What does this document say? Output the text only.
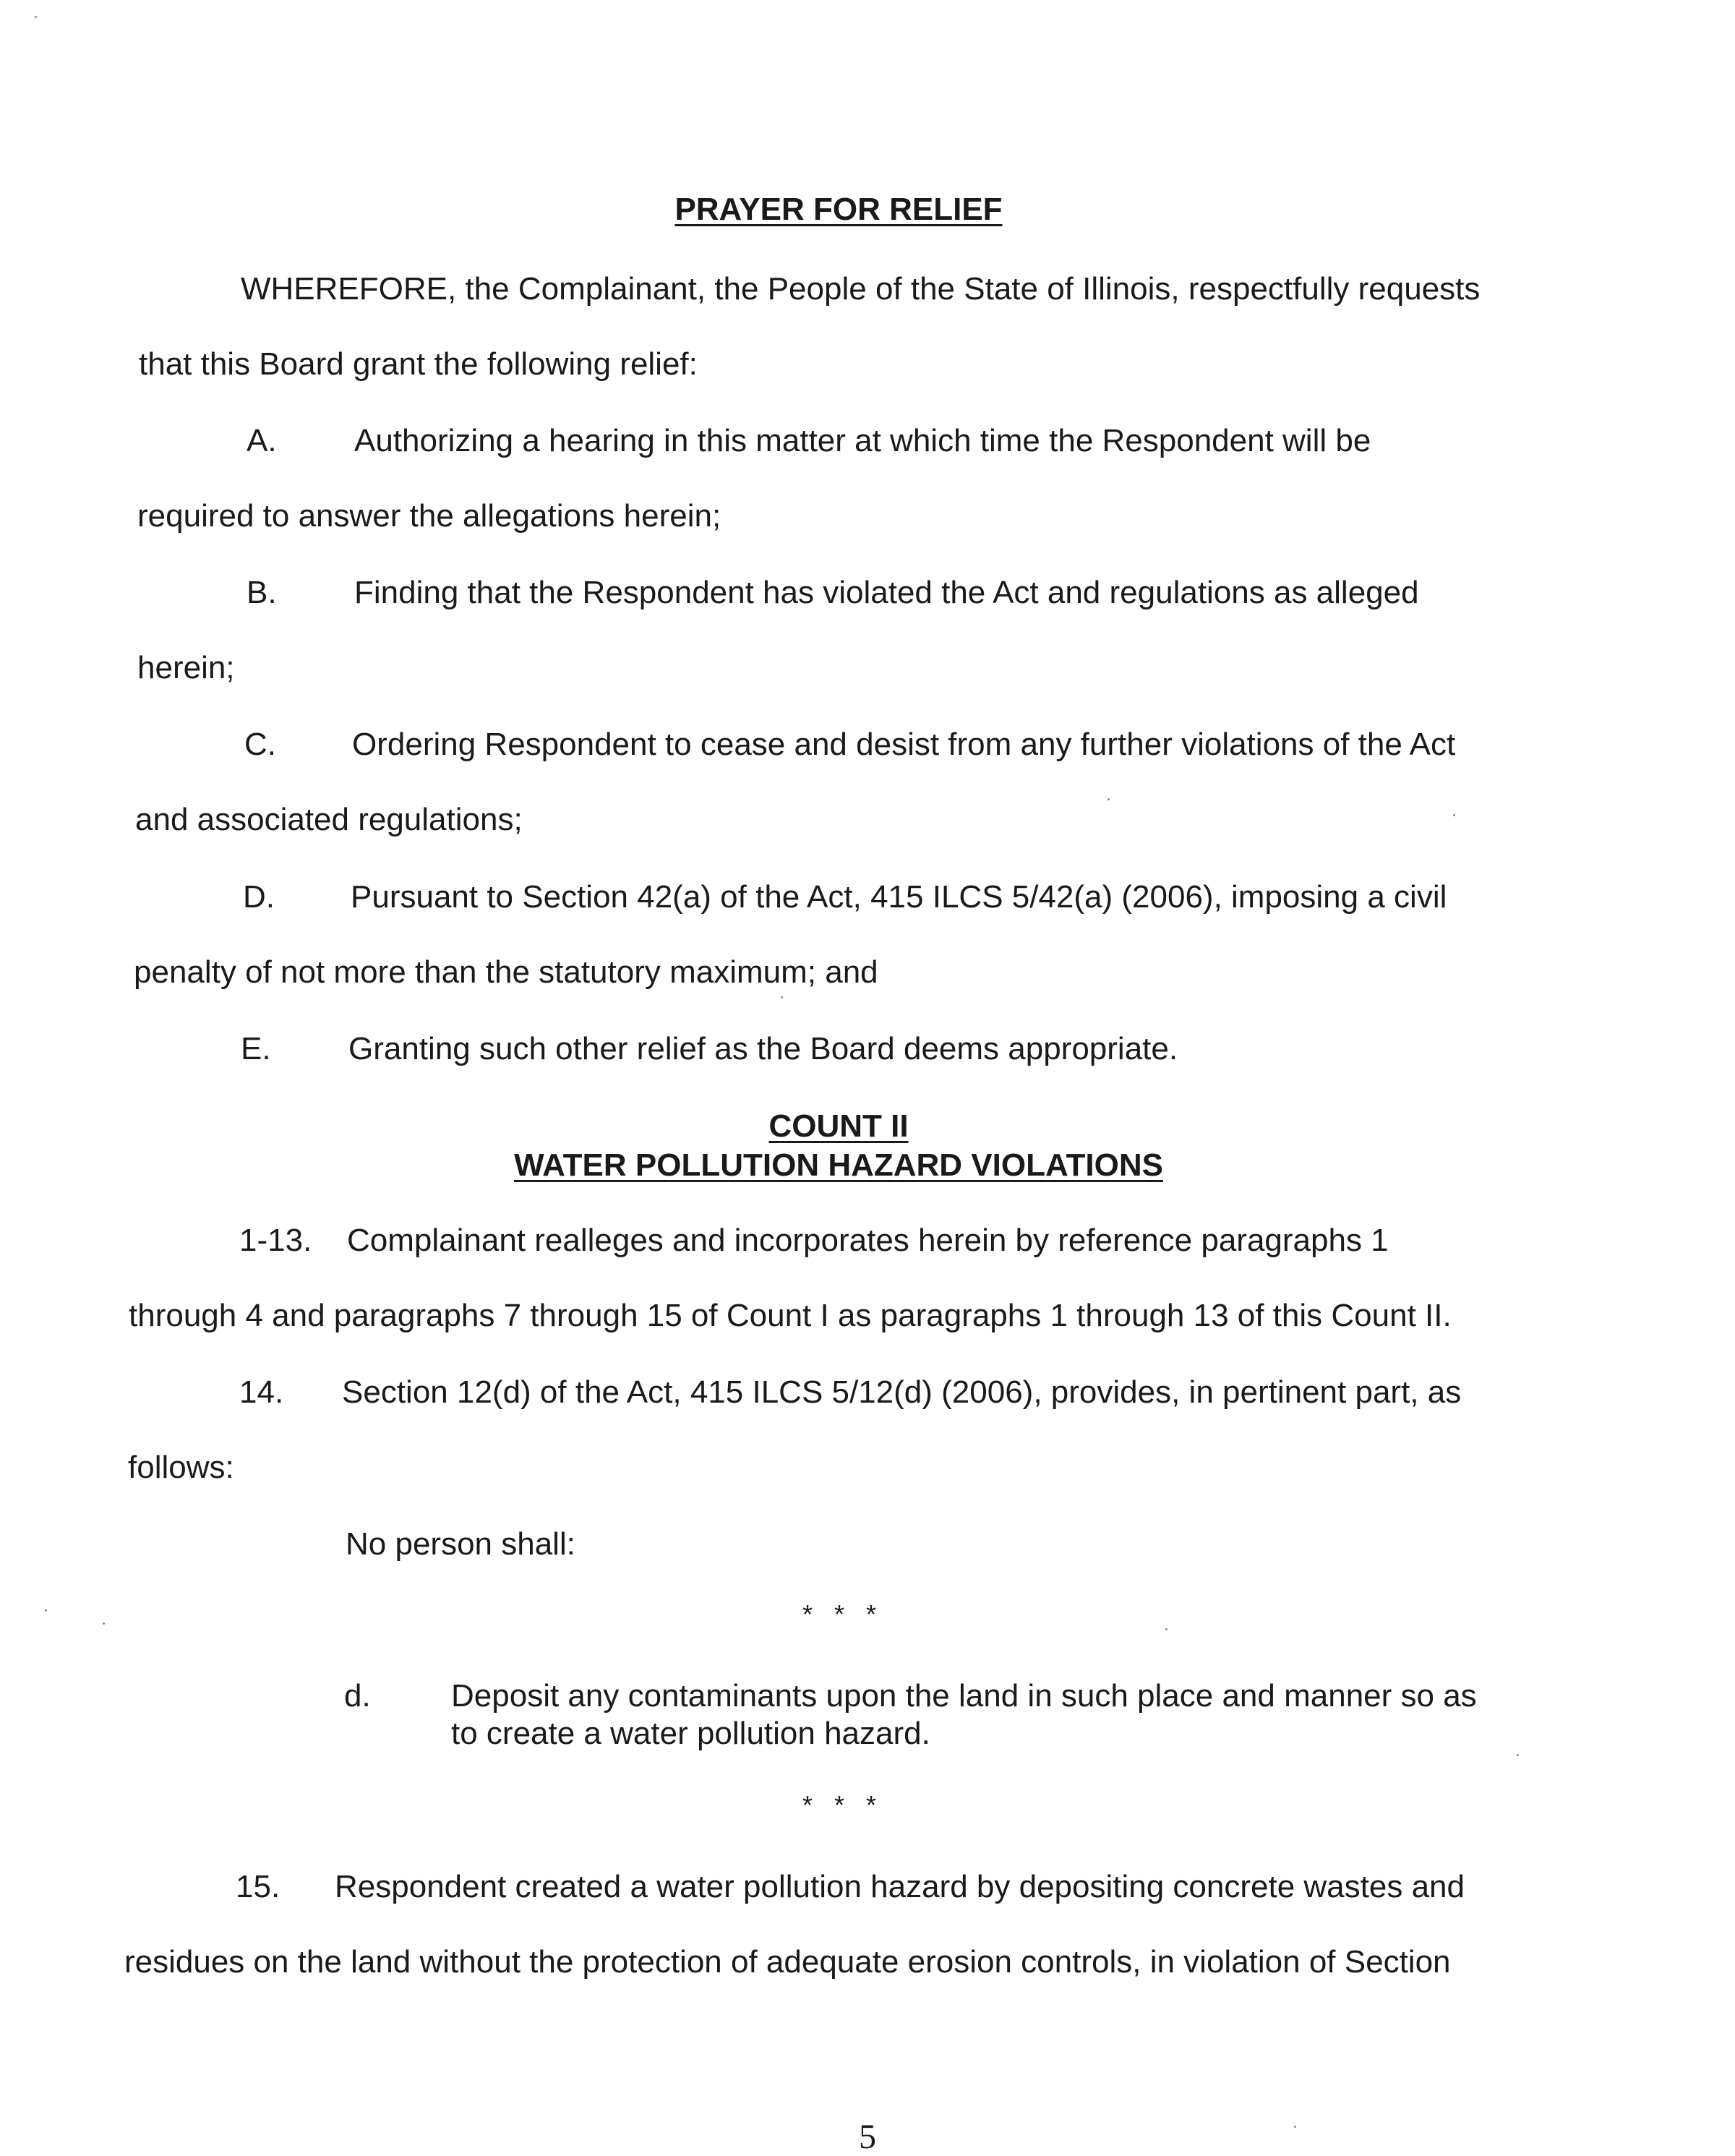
PRAYER FOR RELIEF
WHEREFORE, the Complainant, the People of the State of Illinois, respectfully requests
that this Board grant the following relief:
A. Authorizing a hearing in this matter at which time the Respondent will be
required to answer the allegations herein;
B. Finding that the Respondent has violated the Act and regulations as alleged
herein;
C. Ordering Respondent to cease and desist from any further violations of the Act
and associated regulations;
D. Pursuant to Section 42(a) of the Act, 415 ILCS 5/42(a) (2006), imposing a civil
penalty of not more than the statutory maximum; and
E. Granting such other relief as the Board deems appropriate.
COUNT II
WATER POLLUTION HAZARD VIOLATIONS
1-13. Complainant realleges and incorporates herein by reference paragraphs 1
through 4 and paragraphs 7 through 15 of Count I as paragraphs 1 through 13 of this Count II.
14. Section 12(d) of the Act, 415 ILCS 5/12(d) (2006), provides, in pertinent part, as
follows:
No person shall:
* * *
d.	Deposit any contaminants upon the land in such place and manner so as
to create a water pollution hazard.
* * *
15. Respondent created a water pollution hazard by depositing concrete wastes and
residues on the land without the protection of adequate erosion controls, in violation of Section
5
